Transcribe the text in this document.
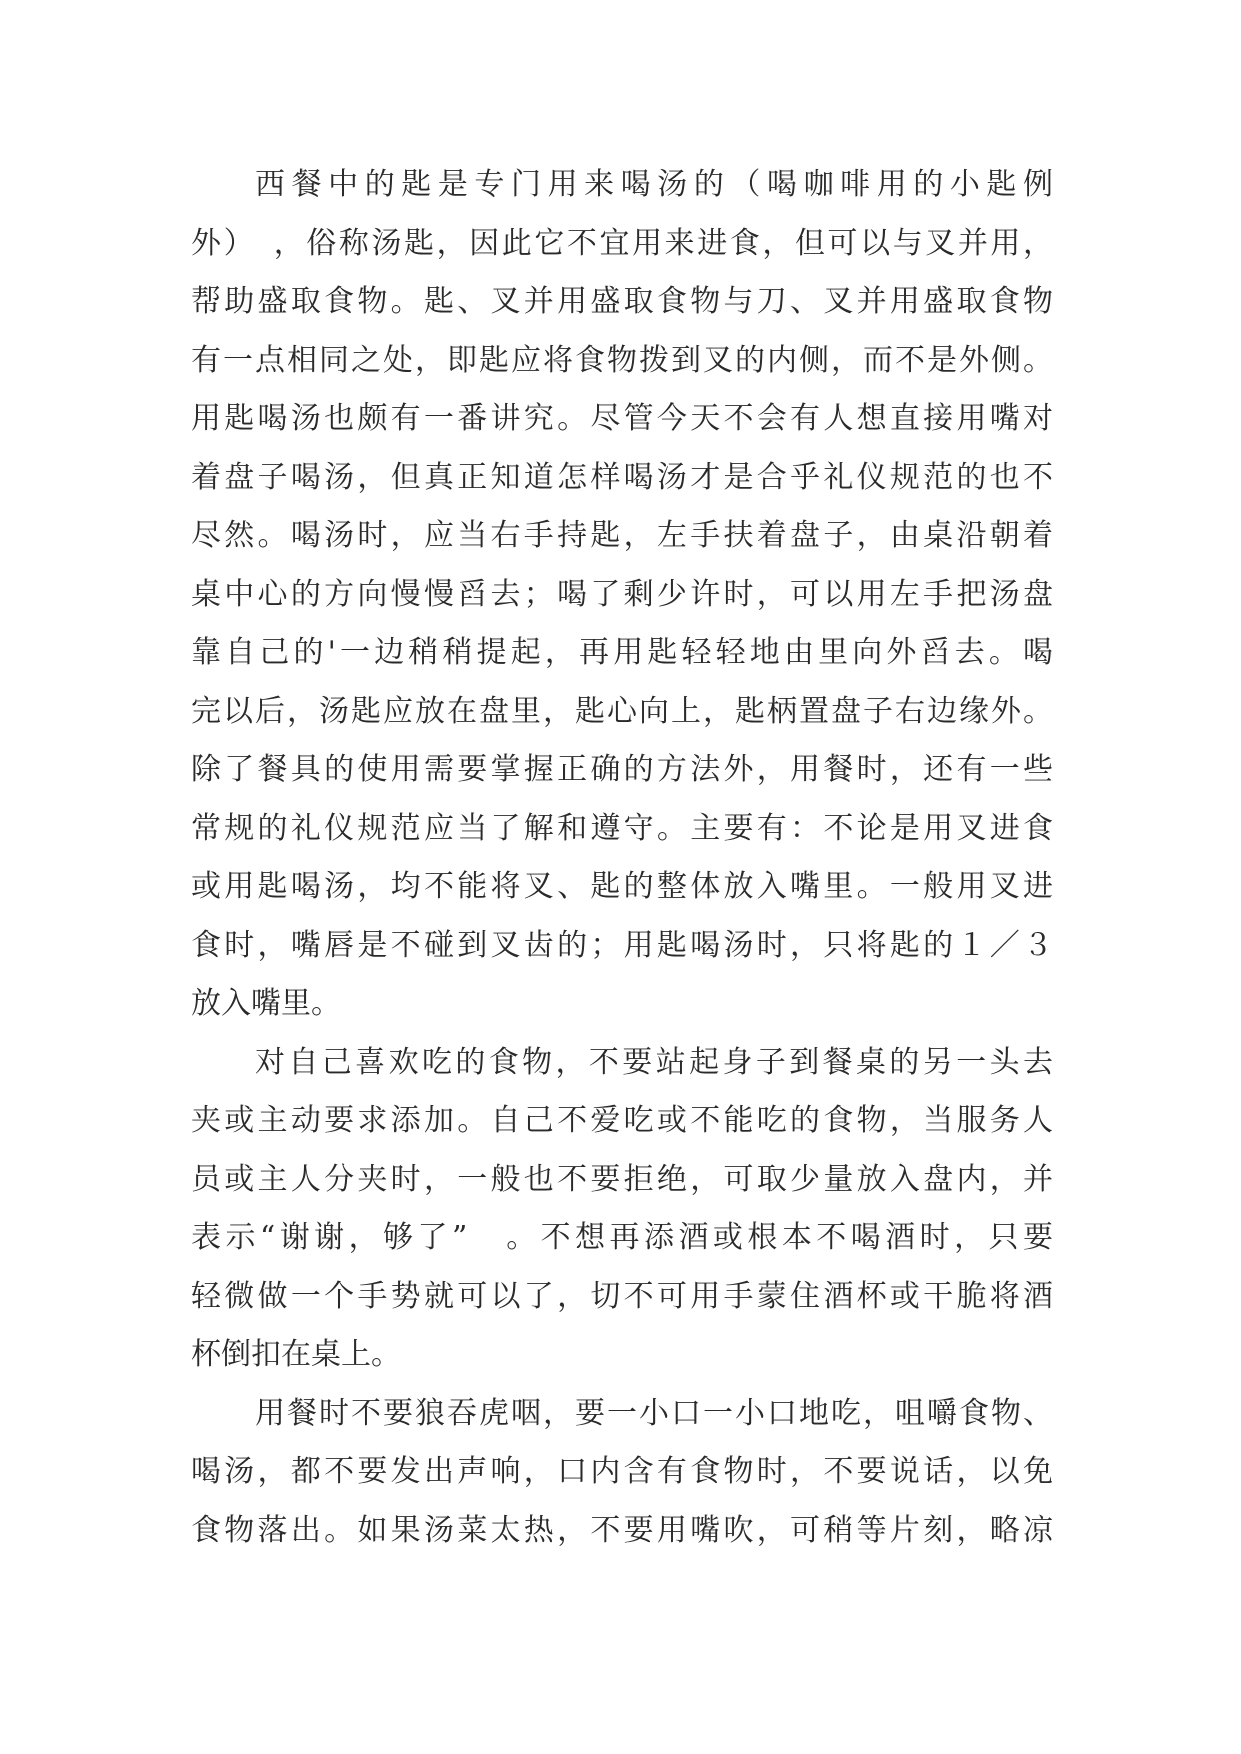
西餐中的匙是专门用来喝汤的（喝咖啡用的小匙例
外）　，俗称汤匙，因此它不宜用来进食，但可以与叉并用，
帮助盛取食物。匙、叉并用盛取食物与刀、叉并用盛取食物
有一点相同之处，即匙应将食物拨到叉的内侧，而不是外侧。
用匙喝汤也颇有一番讲究。尽管今天不会有人想直接用嘴对
着盘子喝汤，但真正知道怎样喝汤才是合乎礼仪规范的也不
尽然。喝汤时，应当右手持匙，左手扶着盘子，由桌沿朝着
桌中心的方向慢慢舀去；喝了剩少许时，可以用左手把汤盘
靠自己的'一边稍稍提起，再用匙轻轻地由里向外舀去。喝
完以后，汤匙应放在盘里，匙心向上，匙柄置盘子右边缘外。
除了餐具的使用需要掌握正确的方法外，用餐时，还有一些
常规的礼仪规范应当了解和遵守。主要有：不论是用叉进食
或用匙喝汤，均不能将叉、匙的整体放入嘴里。一般用叉进
食时，嘴唇是不碰到叉齿的；用匙喝汤时，只将匙的１／３
放入嘴里。
对自己喜欢吃的食物，不要站起身子到餐桌的另一头去
夹或主动要求添加。自己不爱吃或不能吃的食物，当服务人
员或主人分夹时，一般也不要拒绝，可取少量放入盘内，并
表示“谢谢，够了”　。不想再添酒或根本不喝酒时，只要
轻微做一个手势就可以了，切不可用手蒙住酒杯或干脆将酒
杯倒扣在桌上。
用餐时不要狼吞虎咽，要一小口一小口地吃，咀嚼食物、
喝汤，都不要发出声响，口内含有食物时，不要说话，以免
食物落出。如果汤菜太热，不要用嘴吹，可稍等片刻，略凉
